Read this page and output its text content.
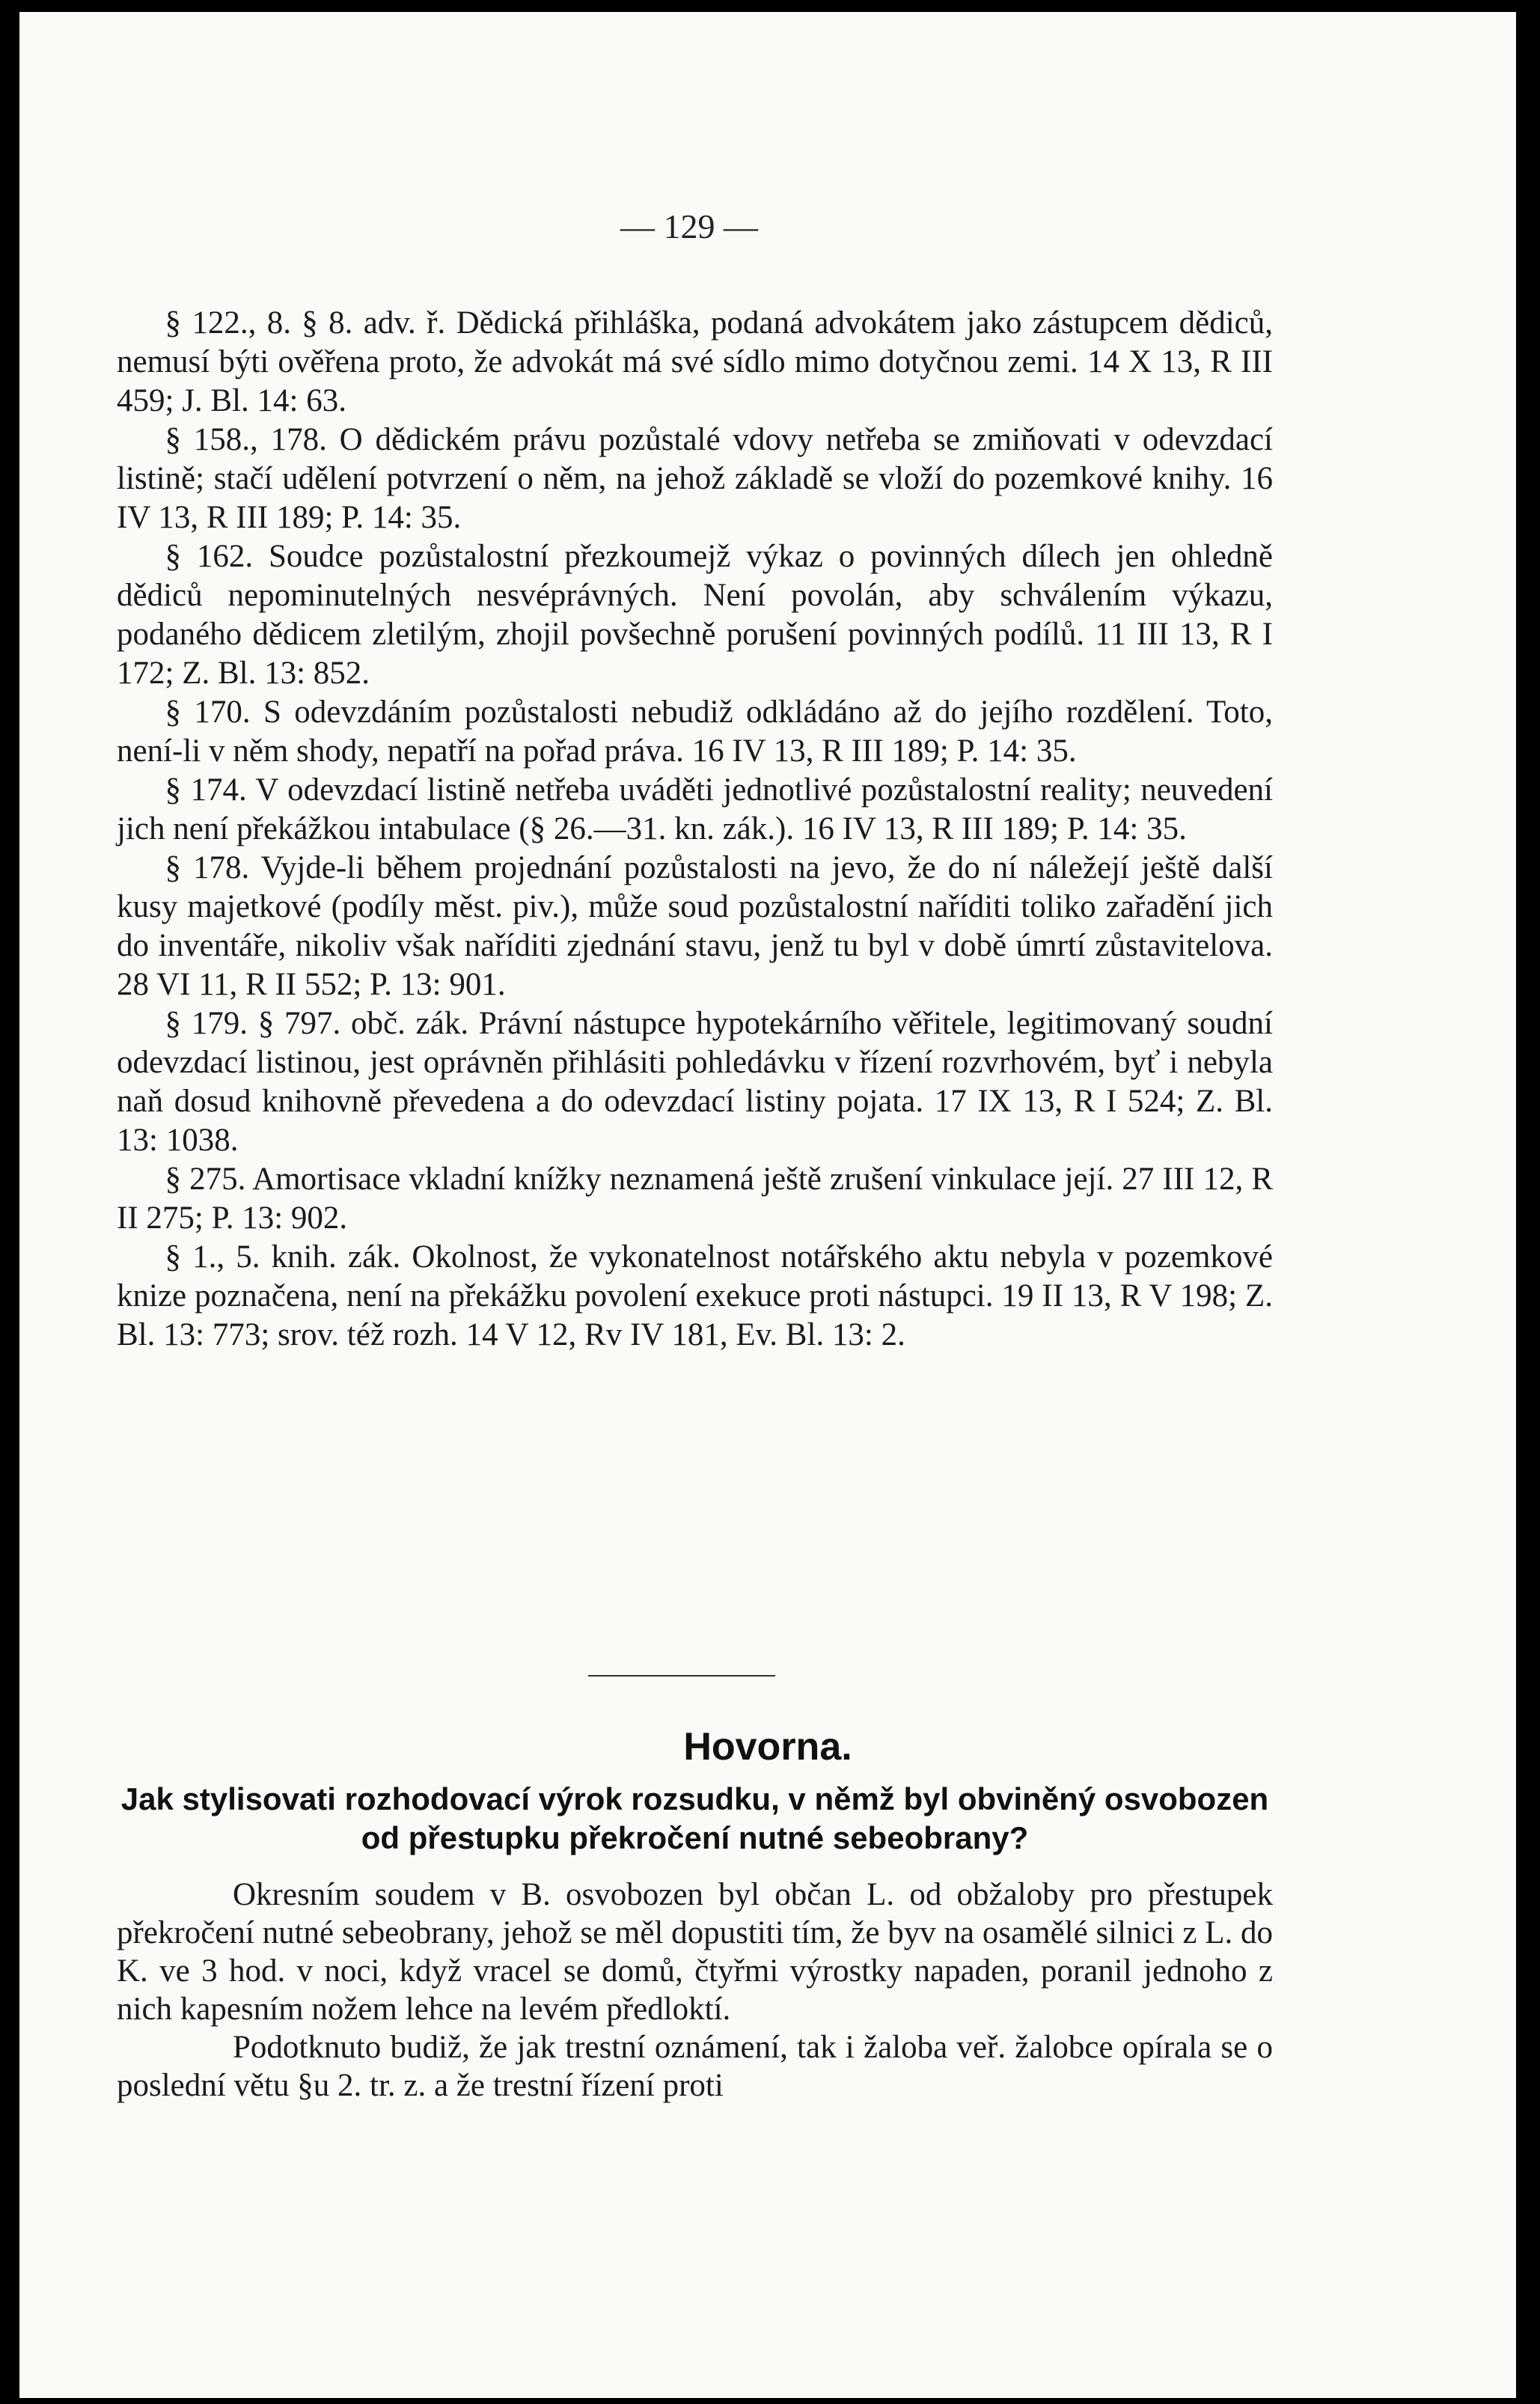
— 129 —

  § 122., 8. § 8. adv. ř. Dědická přihláška, podaná advokátem jako zástupcem dědiců, nemusí býti ověřena proto, že advokát má své sídlo mimo dotyčnou zemi. 14 X 13, R III 459; J. Bl. 14: 63.

  § 158., 178. O dědickém právu pozůstalé vdovy netřeba se zmiňovati v odevzdací listině; stačí udělení potvrzení o něm, na jehož základě se vloží do pozemkové knihy. 16 IV 13, R III 189; P. 14: 35.

  § 162. Soudce pozůstalostní přezkoumejž výkaz o povinných dílech jen ohledně dědiců nepominutelných nesvéprávných. Není povolán, aby schválením výkazu, podaného dědicem zletilým, zhojil povšechně porušení povinných podílů. 11 III 13, R I 172; Z. Bl. 13: 852.

  § 170. S odevzdáním pozůstalosti nebudiž odkládáno až do jejího rozdělení. Toto, není-li v něm shody, nepatří na pořad práva. 16 IV 13, R III 189; P. 14: 35.

  § 174. V odevzdací listině netřeba uváděti jednotlivé pozůstalostní reality; neuvedení jich není překážkou intabulace (§ 26.—31. kn. zák.). 16 IV 13, R III 189; P. 14: 35.

  § 178. Vyjde-li během projednání pozůstalosti na jevo, že do ní náležejí ještě další kusy majetkové (podíly měst. piv.), může soud pozůstalostní naříditi toliko zařadění jich do inventáře, nikoliv však naříditi zjednání stavu, jenž tu byl v době úmrtí zůstavitelova. 28 VI 11, R II 552; P. 13: 901.

  § 179. § 797. obč. zák. Právní nástupce hypotekárního věřitele, legitimovaný soudní odevzdací listinou, jest oprávněn přihlásiti pohledávku v řízení rozvrhovém, byť i nebyla naň dosud knihovně převedena a do odevzdací listiny pojata. 17 IX 13, R I 524; Z. Bl. 13: 1038.

  § 275. Amortisace vkladní knížky neznamená ještě zrušení vinkulace její. 27 III 12, R II 275; P. 13: 902.

  § 1., 5. knih. zák. Okolnost, že vykonatelnost notářského aktu nebyla v pozemkové knize poznačena, není na překážku povolení exekuce proti nástupci. 19 II 13, R V 198; Z. Bl. 13: 773; srov. též rozh. 14 V 12, Rv IV 181, Ev. Bl. 13: 2.

Hovorna.
Jak stylisovati rozhodovací výrok rozsudku, v němž byl obviněný osvobozen od přestupku překročení nutné sebeobrany?

Okresním soudem v B. osvobozen byl občan L. od obžaloby pro přestupek překročení nutné sebeobrany, jehož se měl dopustiti tím, že byv na osamělé silnici z L. do K. ve 3 hod. v noci, když vracel se domů, čtyřmi výrostky napaden, poranil jednoho z nich kapesním nožem lehce na levém předloktí.

Podotknuto budiž, že jak trestní oznámení, tak i žaloba veř. žalobce opírala se o poslední větu §u 2. tr. z. a že trestní řízení proti
